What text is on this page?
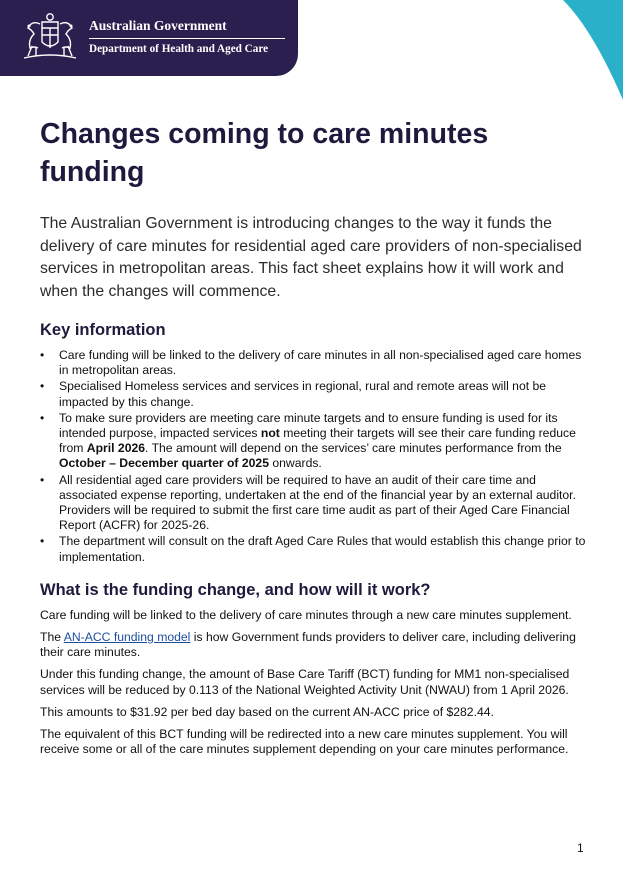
Australian Government
Department of Health and Aged Care
Changes coming to care minutes funding

The Australian Government is introducing changes to the way it funds the delivery of care minutes for residential aged care providers of non-specialised services in metropolitan areas. This fact sheet explains how it will work and when the changes will commence.

Key information
• Care funding will be linked to the delivery of care minutes in all non-specialised aged care homes in metropolitan areas.
• Specialised Homeless services and services in regional, rural and remote areas will not be impacted by this change.
• To make sure providers are meeting care minute targets and to ensure funding is used for its intended purpose, impacted services not meeting their targets will see their care funding reduce from April 2026. The amount will depend on the services’ care minutes performance from the October – December quarter of 2025 onwards.
• All residential aged care providers will be required to have an audit of their care time and associated expense reporting, undertaken at the end of the financial year by an external auditor. Providers will be required to submit the first care time audit as part of their Aged Care Financial Report (ACFR) for 2025-26.
• The department will consult on the draft Aged Care Rules that would establish this change prior to implementation.
What is the funding change, and how will it work?

Care funding will be linked to the delivery of care minutes through a new care minutes supplement.

The AN-ACC funding model is how Government funds providers to deliver care, including delivering their care minutes.

Under this funding change, the amount of Base Care Tariff (BCT) funding for MM1 non-specialised services will be reduced by 0.113 of the National Weighted Activity Unit (NWAU) from 1 April 2026.

This amounts to $31.92 per bed day based on the current AN-ACC price of $282.44.

The equivalent of this BCT funding will be redirected into a new care minutes supplement. You will receive some or all of the care minutes supplement depending on your care minutes performance.

1
